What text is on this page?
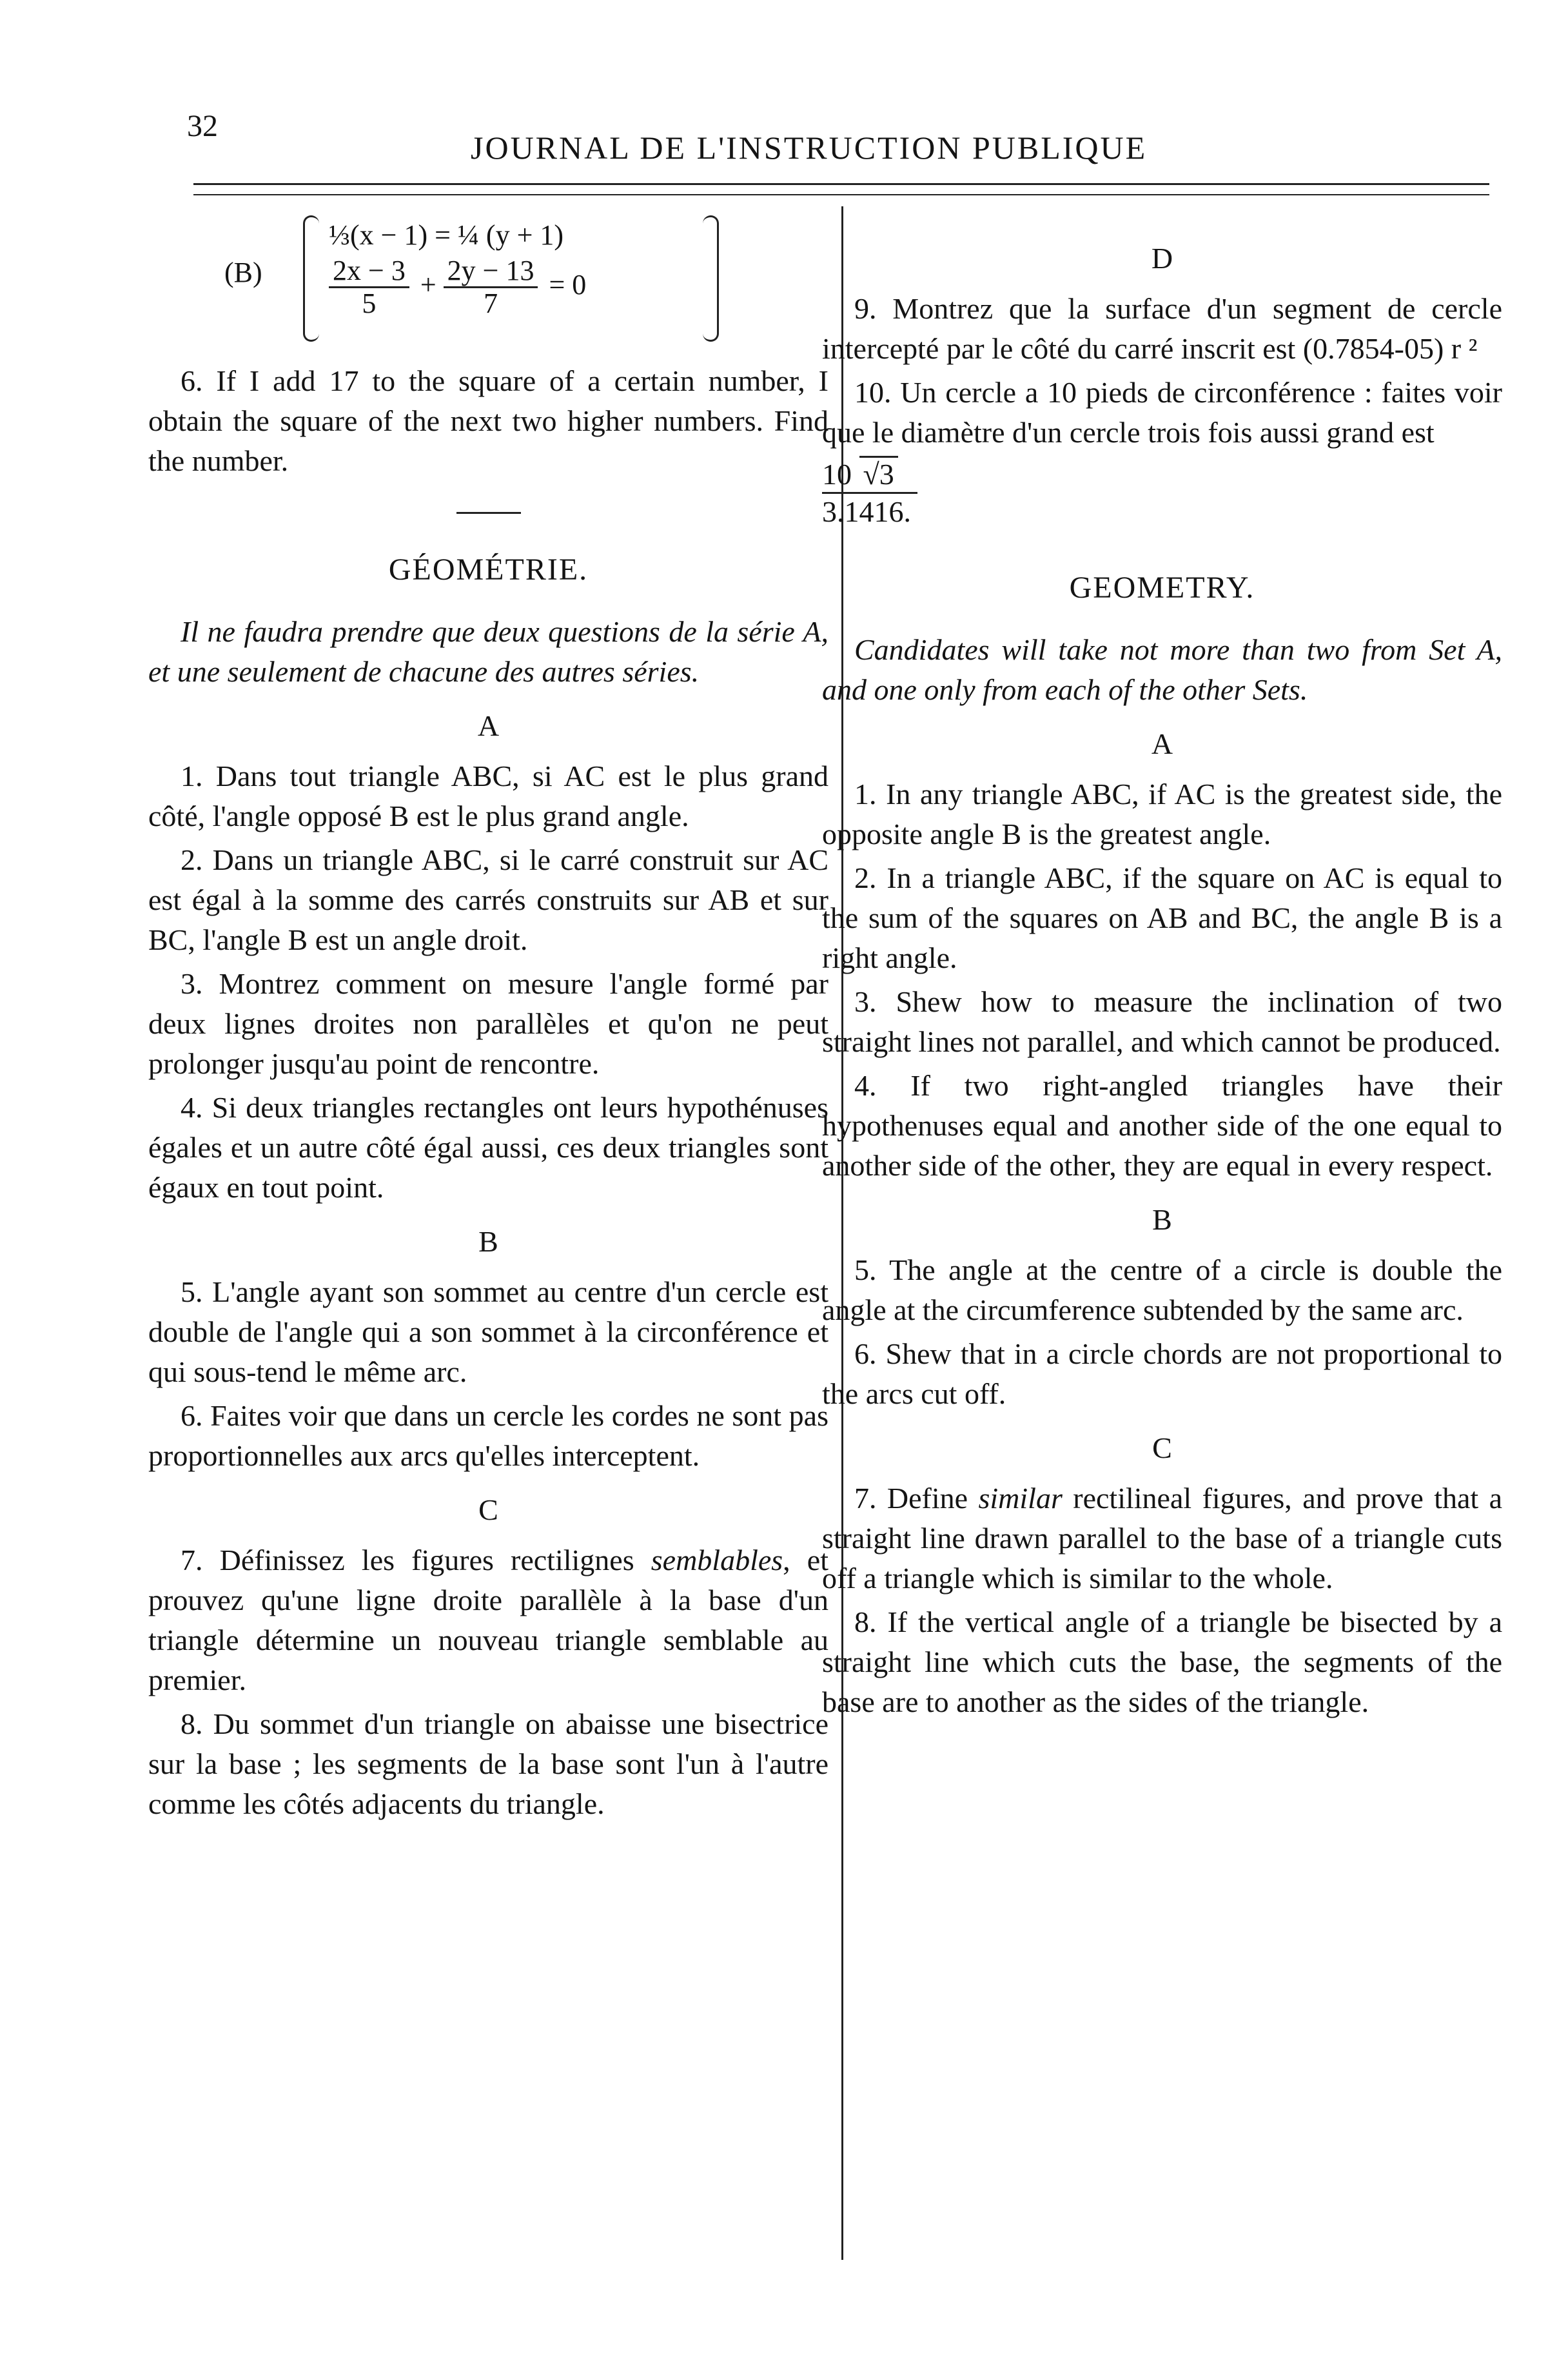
32
JOURNAL DE L'INSTRUCTION PUBLIQUE
(B)
⅓(x − 1) = ¼ (y + 1)
$\frac{2x - 3}{5} + \frac{2y - 13}{7} = 0$

6. If I add 17 to the square of a certain number, I obtain the square of the next two higher numbers. Find the number.

GÉOMÉTRIE.

Il ne faudra prendre que deux questions de la série A, et une seulement de chacune des autres séries.

A

1. Dans tout triangle ABC, si AC est le plus grand côté, l'angle opposé B est le plus grand angle.

2. Dans un triangle ABC, si le carré construit sur AC est égal à la somme des carrés construits sur AB et sur BC, l'angle B est un angle droit.

3. Montrez comment on mesure l'angle formé par deux lignes droites non parallèles et qu'on ne peut prolonger jusqu'au point de rencontre.

4. Si deux triangles rectangles ont leurs hypothénuses égales et un autre côté égal aussi, ces deux triangles sont égaux en tout point.

B

5. L'angle ayant son sommet au centre d'un cercle est double de l'angle qui a son sommet à la circonférence et qui sous-tend le même arc.

6. Faites voir que dans un cercle les cordes ne sont pas proportionnelles aux arcs qu'elles interceptent.

C

7. Définissez les figures rectilignes semblables, et prouvez qu'une ligne droite parallèle à la base d'un triangle détermine un nouveau triangle semblable au premier.

8. Du sommet d'un triangle on abaisse une bisectrice sur la base ; les segments de la base sont l'un à l'autre comme les côtés adjacents du triangle.

D

9. Montrez que la surface d'un segment de cercle intercepté par le côté du carré inscrit est (0.7854-05) r ²

10. Un cercle a 10 pieds de circonférence : faites voir que le diamètre d'un cercle trois fois aussi grand est

$\frac{10 √3}{3.1416.}$
GEOMETRY.

Candidates will take not more than two from Set A, and one only from each of the other Sets.

A

1. In any triangle ABC, if AC is the greatest side, the opposite angle B is the greatest angle.

2. In a triangle ABC, if the square on AC is equal to the sum of the squares on AB and BC, the angle B is a right angle.

3. Shew how to measure the inclination of two straight lines not parallel, and which cannot be produced.

4. If two right-angled triangles have their hypothenuses equal and another side of the one equal to another side of the other, they are equal in every respect.

B

5. The angle at the centre of a circle is double the angle at the circumference subtended by the same arc.

6. Shew that in a circle chords are not proportional to the arcs cut off.

C

7. Define similar rectilineal figures, and prove that a straight line drawn parallel to the base of a triangle cuts off a triangle which is similar to the whole.

8. If the vertical angle of a triangle be bisected by a straight line which cuts the base, the segments of the base are to another as the sides of the triangle.
